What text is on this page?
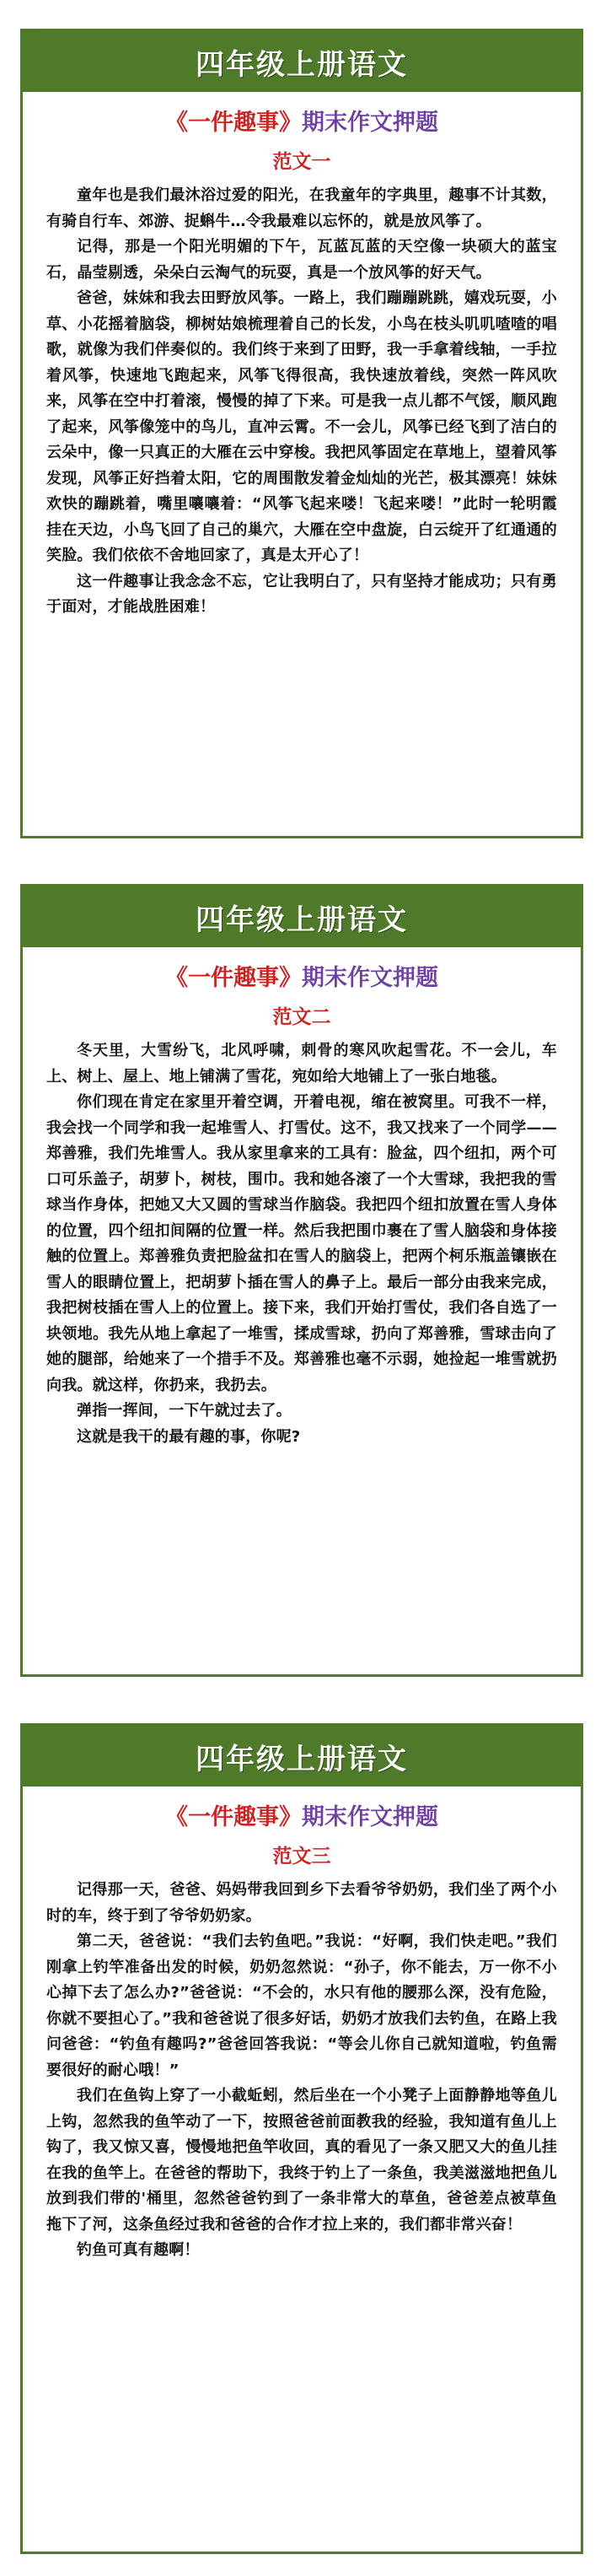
四年级上册语文
《一件趣事》期末作文押题
范文一

童年也是我们最沐浴过爱的阳光，在我童年的字典里，趣事不计其数，有骑自行车、郊游、捉蝌牛…令我最难以忘怀的，就是放风筝了。

记得，那是一个阳光明媚的下午，瓦蓝瓦蓝的天空像一块硕大的蓝宝石，晶莹剔透，朵朵白云淘气的玩耍，真是一个放风筝的好天气。

爸爸，妹妹和我去田野放风筝。一路上，我们蹦蹦跳跳，嬉戏玩耍，小草、小花摇着脑袋，柳树姑娘梳理着自己的长发，小鸟在枝头叽叽喳喳的唱歌，就像为我们伴奏似的。我们终于来到了田野，我一手拿着线轴，一手拉着风筝，快速地飞跑起来，风筝飞得很高，我快速放着线，突然一阵风吹来，风筝在空中打着滚，慢慢的掉了下来。可是我一点儿都不气馁，顺风跑了起来，风筝像笼中的鸟儿，直冲云霄。不一会儿，风筝已经飞到了洁白的云朵中，像一只真正的大雁在云中穿梭。我把风筝固定在草地上，望着风筝发现，风筝正好挡着太阳，它的周围散发着金灿灿的光芒，极其漂亮！妹妹欢快的蹦跳着，嘴里嚷嚷着：“风筝飞起来喽！飞起来喽！”此时一轮明霞挂在天边，小鸟飞回了自己的巢穴，大雁在空中盘旋，白云绽开了红通通的笑脸。我们依依不舍地回家了，真是太开心了！

这一件趣事让我念念不忘，它让我明白了，只有坚持才能成功；只有勇于面对，才能战胜困难！

四年级上册语文
《一件趣事》期末作文押题
范文二

冬天里，大雪纷飞，北风呼啸，刺骨的寒风吹起雪花。不一会儿，车上、树上、屋上、地上铺满了雪花，宛如给大地铺上了一张白地毯。

你们现在肯定在家里开着空调，开着电视，缩在被窝里。可我不一样，我会找一个同学和我一起堆雪人、打雪仗。这不，我又找来了一个同学——郑善雅，我们先堆雪人。我从家里拿来的工具有：脸盆，四个纽扣，两个可口可乐盖子，胡萝卜，树枝，围巾。我和她各滚了一个大雪球，我把我的雪球当作身体，把她又大又圆的雪球当作脑袋。我把四个纽扣放置在雪人身体的位置，四个纽扣间隔的位置一样。然后我把围巾裹在了雪人脑袋和身体接触的位置上。郑善雅负责把脸盆扣在雪人的脑袋上，把两个柯乐瓶盖镶嵌在雪人的眼睛位置上，把胡萝卜插在雪人的鼻子上。最后一部分由我来完成，我把树枝插在雪人上的位置上。接下来，我们开始打雪仗，我们各自选了一块领地。我先从地上拿起了一堆雪，揉成雪球，扔向了郑善雅，雪球击向了她的腿部，给她来了一个措手不及。郑善雅也毫不示弱，她捡起一堆雪就扔向我。就这样，你扔来，我扔去。

弹指一挥间，一下午就过去了。

这就是我干的最有趣的事，你呢?

四年级上册语文
《一件趣事》期末作文押题
范文三

记得那一天，爸爸、妈妈带我回到乡下去看爷爷奶奶，我们坐了两个小时的车，终于到了爷爷奶奶家。

第二天，爸爸说：“我们去钓鱼吧。”我说：“好啊，我们快走吧。”我们刚拿上钓竿准备出发的时候，奶奶忽然说：“孙子，你不能去，万一你不小心掉下去了怎么办?”爸爸说：“不会的，水只有他的腰那么深，没有危险，你就不要担心了。”我和爸爸说了很多好话，奶奶才放我们去钓鱼，在路上我问爸爸：“钓鱼有趣吗?”爸爸回答我说：“等会儿你自己就知道啦，钓鱼需要很好的耐心哦！”

我们在鱼钩上穿了一小截蚯蚓，然后坐在一个小凳子上面静静地等鱼儿上钩，忽然我的鱼竿动了一下，按照爸爸前面教我的经验，我知道有鱼儿上钩了，我又惊又喜，慢慢地把鱼竿收回，真的看见了一条又肥又大的鱼儿挂在我的鱼竿上。在爸爸的帮助下，我终于钓上了一条鱼，我美滋滋地把鱼儿放到我们带的'桶里，忽然爸爸钓到了一条非常大的草鱼，爸爸差点被草鱼拖下了河，这条鱼经过我和爸爸的合作才拉上来的，我们都非常兴奋！

钓鱼可真有趣啊！
